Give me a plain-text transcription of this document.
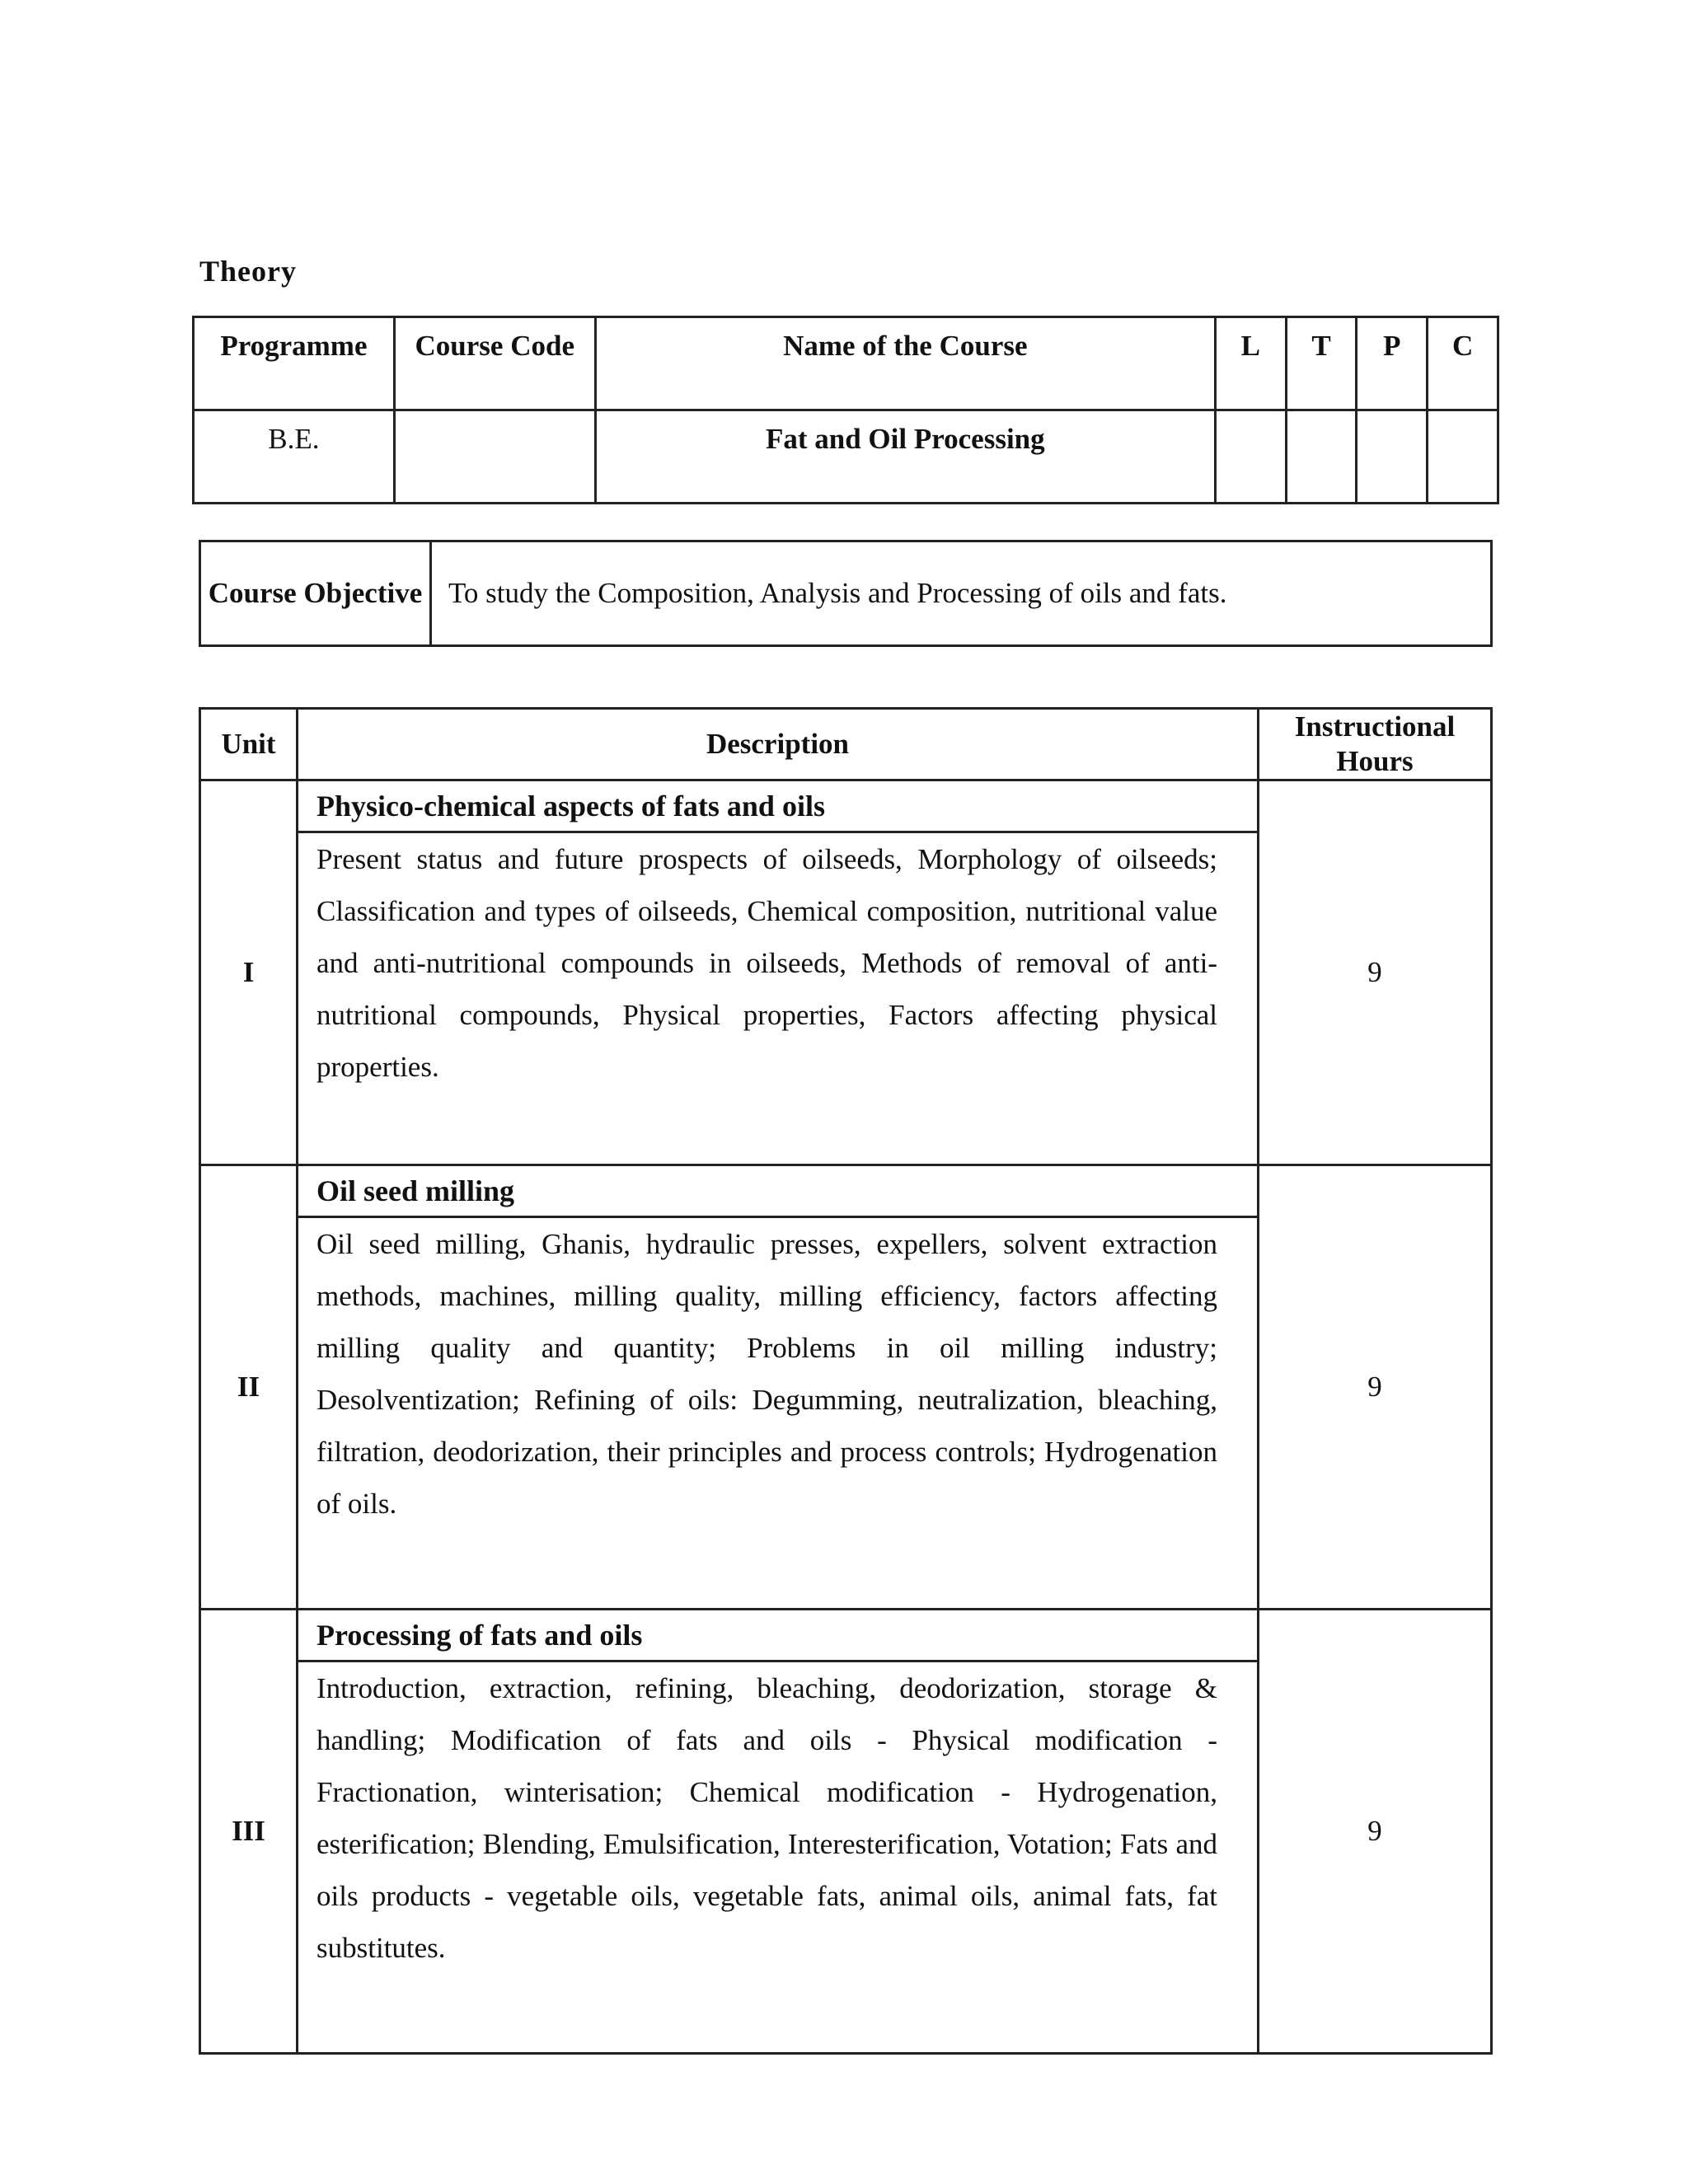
Theory
Programme	Course Code	Name of the Course	L	T	P	C
B.E.		Fat and Oil Processing				
Course Objective	To study the Composition, Analysis and Processing of oils and fats.
Unit	Description	Instructional Hours
I	Physico-chemical aspects of fats and oils	9
	Present status and future prospects of oilseeds, Morphology of oilseeds; Classification and types of oilseeds, Chemical composition, nutritional value and anti-nutritional compounds in oilseeds, Methods of removal of anti- nutritional compounds, Physical properties, Factors affecting physical properties.	
II	Oil seed milling	9
	Oil seed milling, Ghanis, hydraulic presses, expellers, solvent extraction methods, machines, milling quality, milling efficiency, factors affecting milling quality and quantity; Problems in oil milling industry; Desolventization; Refining of oils: Degumming, neutralization, bleaching, filtration, deodorization, their principles and process controls; Hydrogenation of oils.	
III	Processing of fats and oils	9
	Introduction, extraction, refining, bleaching, deodorization, storage & handling; Modification of fats and oils - Physical modification - Fractionation, winterisation; Chemical modification - Hydrogenation, esterification; Blending, Emulsification, Interesterification, Votation; Fats and oils products - vegetable oils, vegetable fats, animal oils, animal fats, fat substitutes.	
